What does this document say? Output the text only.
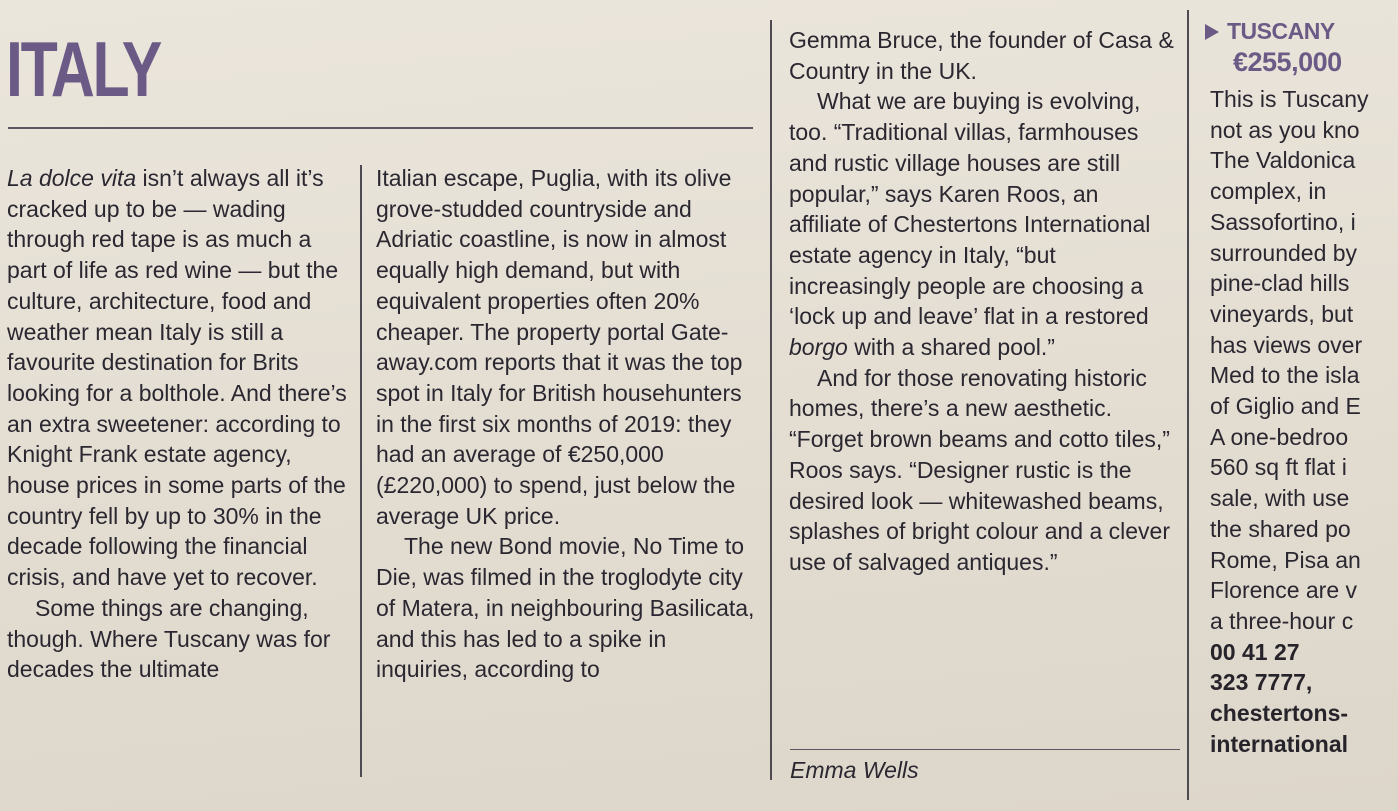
ITALY

La dolce vita isn’t always all it’s cracked up to be — wading through red tape is as much a part of life as red wine — but the culture, architecture, food and weather mean Italy is still a favourite destination for Brits looking for a bolthole. And there’s an extra sweetener: according to Knight Frank estate agency, house prices in some parts of the country fell by up to 30% in the decade following the financial crisis, and have yet to recover.

Some things are changing, though. Where Tuscany was for decades the ultimate

Italian escape, Puglia, with its olive grove-studded countryside and Adriatic coastline, is now in almost equally high demand, but with equivalent properties often 20% cheaper. The property portal Gate-away.com reports that it was the top spot in Italy for British househunters in the first six months of 2019: they had an average of €250,000 (£220,000) to spend, just below the average UK price.

The new Bond movie, No Time to Die, was filmed in the troglodyte city of Matera, in neighbouring Basilicata, and this has led to a spike in inquiries, according to

Gemma Bruce, the founder of Casa & Country in the UK.

What we are buying is evolving, too. “Traditional villas, farmhouses and rustic village houses are still popular,” says Karen Roos, an affiliate of Chestertons International estate agency in Italy, “but increasingly people are choosing a ‘lock up and leave’ flat in a restored borgo with a shared pool.”

And for those renovating historic homes, there’s a new aesthetic. “Forget brown beams and cotto tiles,” Roos says. “Designer rustic is the desired look — whitewashed beams, splashes of bright colour and a clever use of salvaged antiques.”

Emma Wells
TUSCANY
€255,000
This is Tuscany
not as you kno
The Valdonica
complex, in
Sassofortino, i
surrounded by
pine-clad hills
vineyards, but
has views over
Med to the isla
of Giglio and E
A one-bedroo
560 sq ft flat i
sale, with use
the shared po
Rome, Pisa an
Florence are v
a three-hour c
00 41 27
323 7777,
chestertons-
international
